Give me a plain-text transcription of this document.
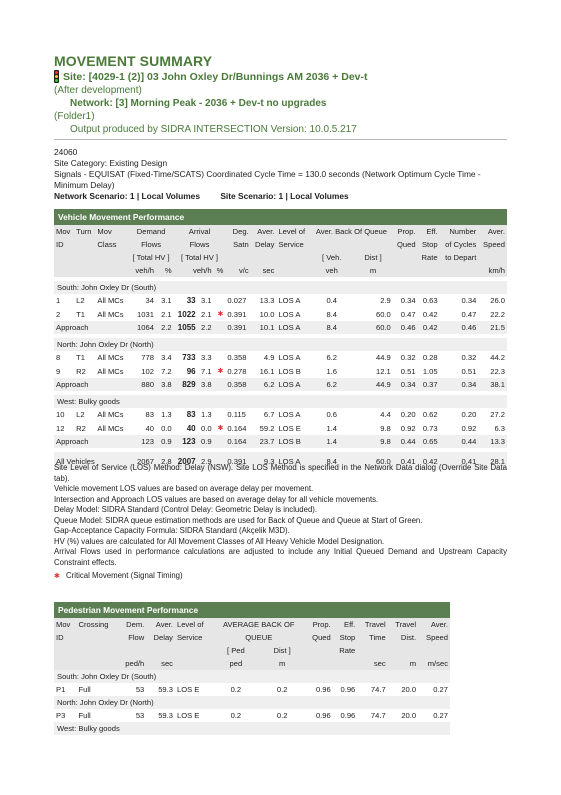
MOVEMENT SUMMARY
Site: [4029-1 (2)] 03 John Oxley Dr/Bunnings AM 2036 + Dev-t
(After development)
Network: [3] Morning Peak - 2036 + Dev-t no upgrades
(Folder1)
Output produced by SIDRA INTERSECTION Version: 10.0.5.217
24060
Site Category: Existing Design
Signals - EQUISAT (Fixed-Time/SCATS) Coordinated Cycle Time = 130.0 seconds (Network Optimum Cycle Time -
Minimum Delay)
Network Scenario: 1 | Local Volumes Site Scenario: 1 | Local Volumes
Vehicle Movement Performance																
Mov	Turn	Mov	Demand		Arrival			Deg.	Aver.	Level of	Aver. Back Of Queue		Prop.	Eff.	Number	Aver.
ID		Class	Flows		Flows			Satn	Delay	Service			Qued	Stop	of Cycles	Speed
			[ Total HV ]		[ Total HV ]						[ Veh.	Dist ]		Rate	to Depart	
			veh/h	%	veh/h		%	v/c	sec		veh	m				km/h

South: John Oxley Dr (South)																
1	L2	All MCs	34	3.1	33	3.1		0.027	13.3	LOS A	0.4	2.9	0.34	0.63	0.34	26.0
2	T1	All MCs	1031	2.1	1022	2.1	✱	0.391	10.0	LOS A	8.4	60.0	0.47	0.42	0.47	22.2
Approach			1064	2.2	1055	2.2		0.391	10.1	LOS A	8.4	60.0	0.46	0.42	0.46	21.5

North: John Oxley Dr (North)																
8	T1	All MCs	778	3.4	733	3.3		0.358	4.9	LOS A	6.2	44.9	0.32	0.28	0.32	44.2
9	R2	All MCs	102	7.2	96	7.1	✱	0.278	16.1	LOS B	1.6	12.1	0.51	1.05	0.51	22.3
Approach			880	3.8	829	3.8		0.358	6.2	LOS A	6.2	44.9	0.34	0.37	0.34	38.1

West: Bulky goods																
10	L2	All MCs	83	1.3	83	1.3		0.115	6.7	LOS A	0.6	4.4	0.20	0.62	0.20	27.2
12	R2	All MCs	40	0.0	40	0.0	✱	0.164	59.2	LOS E	1.4	9.8	0.92	0.73	0.92	6.3
Approach			123	0.9	123	0.9		0.164	23.7	LOS B	1.4	9.8	0.44	0.65	0.44	13.3

All Vehicles			2067	2.8	2007	2.9		0.391	9.3	LOS A	8.4	60.0	0.41	0.42	0.41	28.1

Site Level of Service (LOS) Method: Delay (NSW). Site LOS Method is specified in the Network Data dialog (Override Site Data tab).

Vehicle movement LOS values are based on average delay per movement.

Intersection and Approach LOS values are based on average delay for all vehicle movements.

Delay Model: SIDRA Standard (Control Delay: Geometric Delay is included).

Queue Model: SIDRA queue estimation methods are used for Back of Queue and Queue at Start of Green.

Gap-Acceptance Capacity Formula: SIDRA Standard (Akçelik M3D).

HV (%) values are calculated for All Movement Classes of All Heavy Vehicle Model Designation.

Arrival Flows used in performance calculations are adjusted to include any Initial Queued Demand and Upstream Capacity Constraint effects.

✱ Critical Movement (Signal Timing)
Pedestrian Movement Performance											
Mov	Crossing	Dem.	Aver.	Level of	AVERAGE BACK OF		Prop.	Eff.	Travel	Travel	Aver.
ID		Flow	Delay	Service	QUEUE		Qued	Stop	Time	Dist.	Speed
					[ Ped	Dist ]		Rate			
		ped/h	sec		ped	m			sec	m	m/sec
South: John Oxley Dr (South)											
P1	Full	53	59.3	LOS E	0.2	0.2	0.96	0.96	74.7	20.0	0.27
North: John Oxley Dr (North)											
P3	Full	53	59.3	LOS E	0.2	0.2	0.96	0.96	74.7	20.0	0.27
West: Bulky goods											
